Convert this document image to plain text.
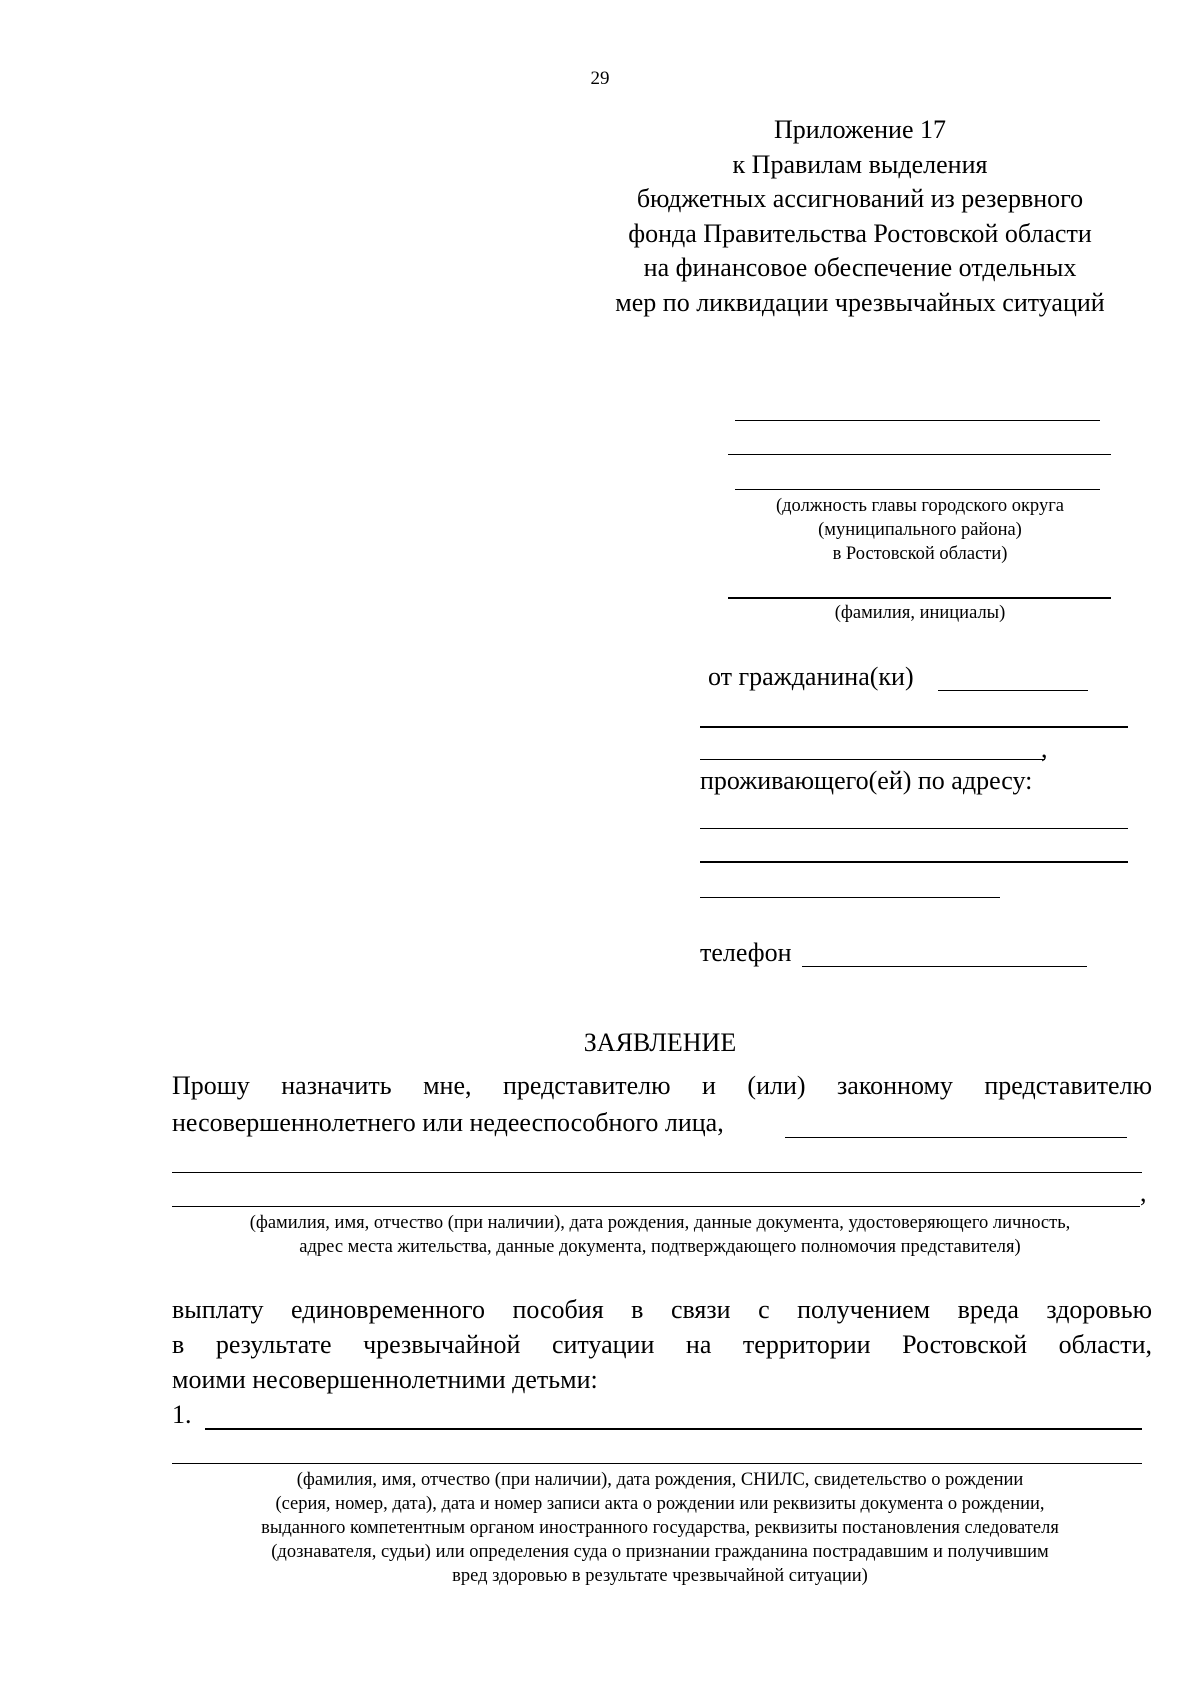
29
Приложение 17
к Правилам выделения
бюджетных ассигнований из резервного
фонда Правительства Ростовской области
на финансовое обеспечение отдельных
мер по ликвидации чрезвычайных ситуаций
(должность главы городского округа
(муниципального района)
в Ростовской области)
(фамилия, инициалы)
от гражданина(ки)
,
проживающего(ей) по адресу:
телефон
ЗАЯВЛЕНИЕ
Прошу назначить мне, представителю и (или) законному представителю
несовершеннолетнего или недееспособного лица,
,
(фамилия, имя, отчество (при наличии), дата рождения, данные документа, удостоверяющего личность,
адрес места жительства, данные документа, подтверждающего полномочия представителя)
выплату единовременного пособия в связи с получением вреда здоровью
в результате чрезвычайной ситуации на территории Ростовской области,
моими несовершеннолетними детьми:
1.
(фамилия, имя, отчество (при наличии), дата рождения, СНИЛС, свидетельство о рождении
(серия, номер, дата), дата и номер записи акта о рождении или реквизиты документа о рождении,
выданного компетентным органом иностранного государства, реквизиты постановления следователя
(дознавателя, судьи) или определения суда о признании гражданина пострадавшим и получившим
вред здоровью в результате чрезвычайной ситуации)
